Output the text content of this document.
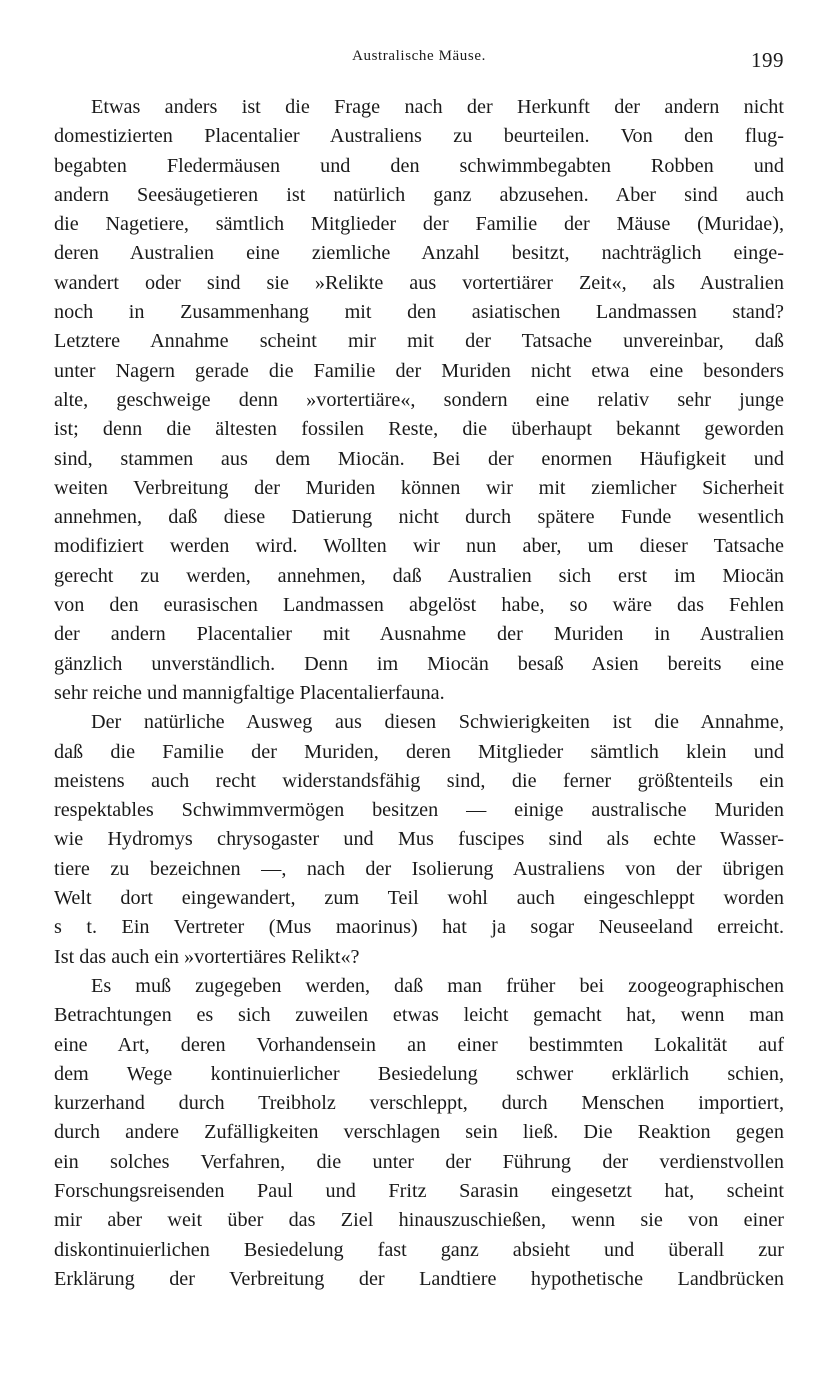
Australische Mäuse.	199
Etwas anders ist die Frage nach der Herkunft der andern nicht
domestizierten Placentalier Australiens zu beurteilen. Von den flug-
begabten Fledermäusen und den schwimmbegabten Robben und
andern Seesäugetieren ist natürlich ganz abzusehen. Aber sind auch
die Nagetiere, sämtlich Mitglieder der Familie der Mäuse (Muridae),
deren Australien eine ziemliche Anzahl besitzt, nachträglich einge-
wandert oder sind sie »Relikte aus vortertiärer Zeit«, als Australien
noch in Zusammenhang mit den asiatischen Landmassen stand?
Letztere Annahme scheint mir mit der Tatsache unvereinbar, daß
unter Nagern gerade die Familie der Muriden nicht etwa eine besonders
alte, geschweige denn »vortertiäre«, sondern eine relativ sehr junge
ist; denn die ältesten fossilen Reste, die überhaupt bekannt geworden
sind, stammen aus dem Miocän. Bei der enormen Häufigkeit und
weiten Verbreitung der Muriden können wir mit ziemlicher Sicherheit
annehmen, daß diese Datierung nicht durch spätere Funde wesentlich
modifiziert werden wird. Wollten wir nun aber, um dieser Tatsache
gerecht zu werden, annehmen, daß Australien sich erst im Miocän
von den eurasischen Landmassen abgelöst habe, so wäre das Fehlen
der andern Placentalier mit Ausnahme der Muriden in Australien
gänzlich unverständlich. Denn im Miocän besaß Asien bereits eine
sehr reiche und mannigfaltige Placentalierfauna.
Der natürliche Ausweg aus diesen Schwierigkeiten ist die Annahme,
daß die Familie der Muriden, deren Mitglieder sämtlich klein und
meistens auch recht widerstandsfähig sind, die ferner größtenteils ein
respektables Schwimmvermögen besitzen — einige australische Muriden
wie Hydromys chrysogaster und Mus fuscipes sind als echte Wasser-
tiere zu bezeichnen —, nach der Isolierung Australiens von der übrigen
Welt dort eingewandert, zum Teil wohl auch eingeschleppt worden
s t. Ein Vertreter (Mus maorinus) hat ja sogar Neuseeland erreicht.
Ist das auch ein »vortertiäres Relikt«?
Es muß zugegeben werden, daß man früher bei zoogeographischen
Betrachtungen es sich zuweilen etwas leicht gemacht hat, wenn man
eine Art, deren Vorhandensein an einer bestimmten Lokalität auf
dem Wege kontinuierlicher Besiedelung schwer erklärlich schien,
kurzerhand durch Treibholz verschleppt, durch Menschen importiert,
durch andere Zufälligkeiten verschlagen sein ließ. Die Reaktion gegen
ein solches Verfahren, die unter der Führung der verdienstvollen
Forschungsreisenden Paul und Fritz Sarasin eingesetzt hat, scheint
mir aber weit über das Ziel hinauszuschießen, wenn sie von einer
diskontinuierlichen Besiedelung fast ganz absieht und überall zur
Erklärung der Verbreitung der Landtiere hypothetische Landbrücken
